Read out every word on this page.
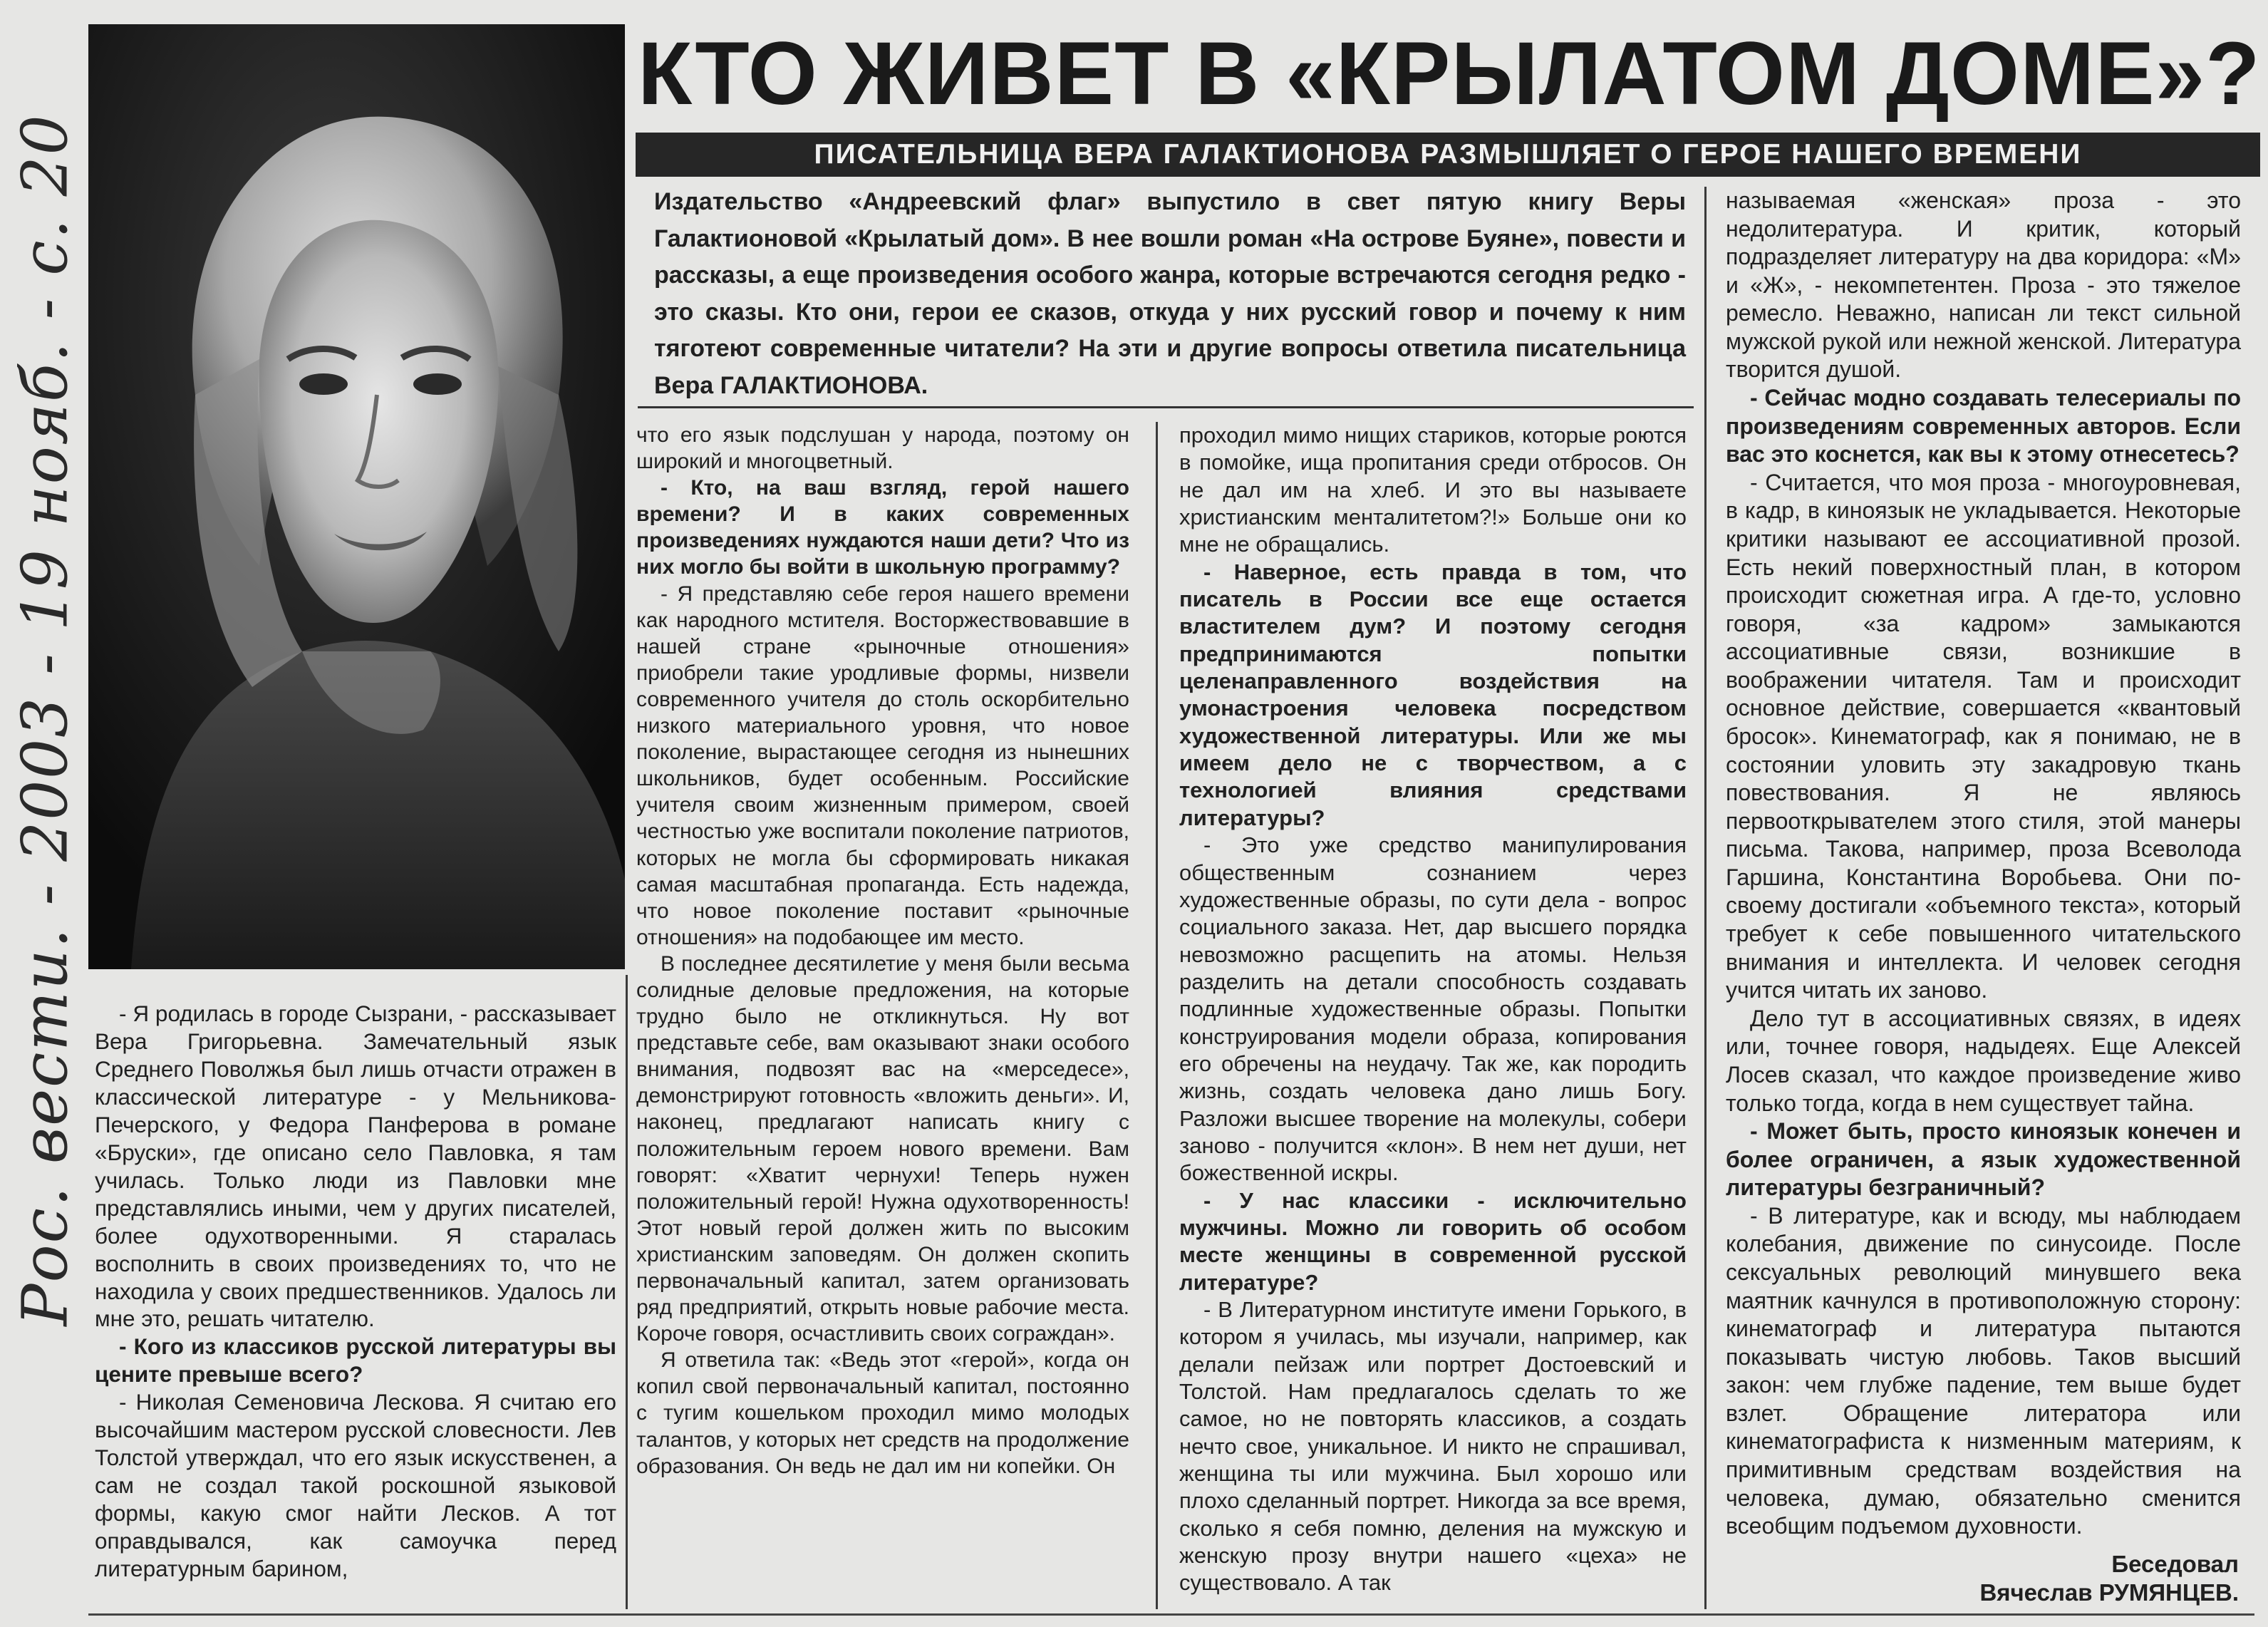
Рос. вести. - 2003 - 19 нояб. - с. 20
КТО ЖИВЕТ В «КРЫЛАТОМ ДОМЕ»?
ПИСАТЕЛЬНИЦА ВЕРА ГАЛАКТИОНОВА РАЗМЫШЛЯЕТ О ГЕРОЕ НАШЕГО ВРЕМЕНИ
Издательство «Андреевский флаг» выпустило в свет пятую книгу Веры Галактионовой «Крылатый дом». В нее вошли роман «На острове Буяне», повести и рассказы, а еще произведения особого жанра, которые встречаются сегодня редко - это сказы. Кто они, герои ее сказов, откуда у них русский говор и почему к ним тяготеют современные читатели? На эти и другие вопросы ответила писательница Вера ГАЛАКТИОНОВА.

- Я родилась в городе Сызрани, - рассказывает Вера Григорьевна. Замечательный язык Среднего Поволжья был лишь отчасти отражен в классической литературе - у Мельникова-Печерского, у Федора Панферова в романе «Бруски», где описано село Павловка, я там училась. Только люди из Павловки мне представлялись иными, чем у других писателей, более одухотворенными. Я старалась восполнить в своих произведениях то, что не находила у своих предшественников. Удалось ли мне это, решать читателю.

- Кого из классиков русской литературы вы цените превыше всего?

- Николая Семеновича Лескова. Я считаю его высочайшим мастером русской словесности. Лев Толстой утверждал, что его язык искусственен, а сам не создал такой роскошной языковой формы, какую смог найти Лесков. А тот оправдывался, как самоучка перед литературным барином,

что его язык подслушан у народа, поэтому он широкий и многоцветный.

- Кто, на ваш взгляд, герой нашего времени? И в каких современных произведениях нуждаются наши дети? Что из них могло бы войти в школьную программу?

- Я представляю себе героя нашего времени как народного мстителя. Восторжествовавшие в нашей стране «рыночные отношения» приобрели такие уродливые формы, низвели современного учителя до столь оскорбительно низкого материального уровня, что новое поколение, вырастающее сегодня из нынешних школьников, будет особенным. Российские учителя своим жизненным примером, своей честностью уже воспитали поколение патриотов, которых не могла бы сформировать никакая самая масштабная пропаганда. Есть надежда, что новое поколение поставит «рыночные отношения» на подобающее им место.

В последнее десятилетие у меня были весьма солидные деловые предложения, на которые трудно было не откликнуться. Ну вот представьте себе, вам оказывают знаки особого внимания, подвозят вас на «мерседесе», демонстрируют готовность «вложить деньги». И, наконец, предлагают написать книгу с положительным героем нового времени. Вам говорят: «Хватит чернухи! Теперь нужен положительный герой! Нужна одухотворенность! Этот новый герой должен жить по высоким христианским заповедям. Он должен скопить первоначальный капитал, затем организовать ряд предприятий, открыть новые рабочие места. Короче говоря, осчастливить своих сограждан».

Я ответила так: «Ведь этот «герой», когда он копил свой первоначальный капитал, постоянно с тугим кошельком проходил мимо молодых талантов, у которых нет средств на продолжение образования. Он ведь не дал им ни копейки. Он

проходил мимо нищих стариков, которые роются в помойке, ища пропитания среди отбросов. Он не дал им на хлеб. И это вы называете христианским менталитетом?!» Больше они ко мне не обращались.

- Наверное, есть правда в том, что писатель в России все еще остается властителем дум? И поэтому сегодня предпринимаются попытки целенаправленного воздействия на умонастроения человека посредством художественной литературы. Или же мы имеем дело не с творчеством, а с технологией влияния средствами литературы?

- Это уже средство манипулирования общественным сознанием через художественные образы, по сути дела - вопрос социального заказа. Нет, дар высшего порядка невозможно расщепить на атомы. Нельзя разделить на детали способность создавать подлинные художественные образы. Попытки конструирования модели образа, копирования его обречены на неудачу. Так же, как породить жизнь, создать человека дано лишь Богу. Разложи высшее творение на молекулы, собери заново - получится «клон». В нем нет души, нет божественной искры.

- У нас классики - исключительно мужчины. Можно ли говорить об особом месте женщины в современной русской литературе?

- В Литературном институте имени Горького, в котором я училась, мы изучали, например, как делали пейзаж или портрет Достоевский и Толстой. Нам предлагалось сделать то же самое, но не повторять классиков, а создать нечто свое, уникальное. И никто не спрашивал, женщина ты или мужчина. Был хорошо или плохо сделанный портрет. Никогда за все время, сколько я себя помню, деления на мужскую и женскую прозу внутри нашего «цеха» не существовало. А так

называемая «женская» проза - это недолитература. И критик, который подразделяет литературу на два коридора: «М» и «Ж», - некомпетентен. Проза - это тяжелое ремесло. Неважно, написан ли текст сильной мужской рукой или нежной женской. Литература творится душой.

- Сейчас модно создавать телесериалы по произведениям современных авторов. Если вас это коснется, как вы к этому отнесетесь?

- Считается, что моя проза - многоуровневая, в кадр, в киноязык не укладывается. Некоторые критики называют ее ассоциативной прозой. Есть некий поверхностный план, в котором происходит сюжетная игра. А где-то, условно говоря, «за кадром» замыкаются ассоциативные связи, возникшие в воображении читателя. Там и происходит основное действие, совершается «квантовый бросок». Кинематограф, как я понимаю, не в состоянии уловить эту закадровую ткань повествования. Я не являюсь первооткрывателем этого стиля, этой манеры письма. Такова, например, проза Всеволода Гаршина, Константина Воробьева. Они по-своему достигали «объемного текста», который требует к себе повышенного читательского внимания и интеллекта. И человек сегодня учится читать их заново.

Дело тут в ассоциативных связях, в идеях или, точнее говоря, надыдеях. Еще Алексей Лосев сказал, что каждое произведение живо только тогда, когда в нем существует тайна.

- Может быть, просто киноязык конечен и более ограничен, а язык художественной литературы безграничный?

- В литературе, как и всюду, мы наблюдаем колебания, движение по синусоиде. После сексуальных революций минувшего века маятник качнулся в противоположную сторону: кинематограф и литература пытаются показывать чистую любовь. Таков высший закон: чем глубже падение, тем выше будет взлет. Обращение литератора или кинематографиста к низменным материям, к примитивным средствам воздействия на человека, думаю, обязательно сменится всеобщим подъемом духовности.

Беседовал
Вячеслав РУМЯНЦЕВ.
